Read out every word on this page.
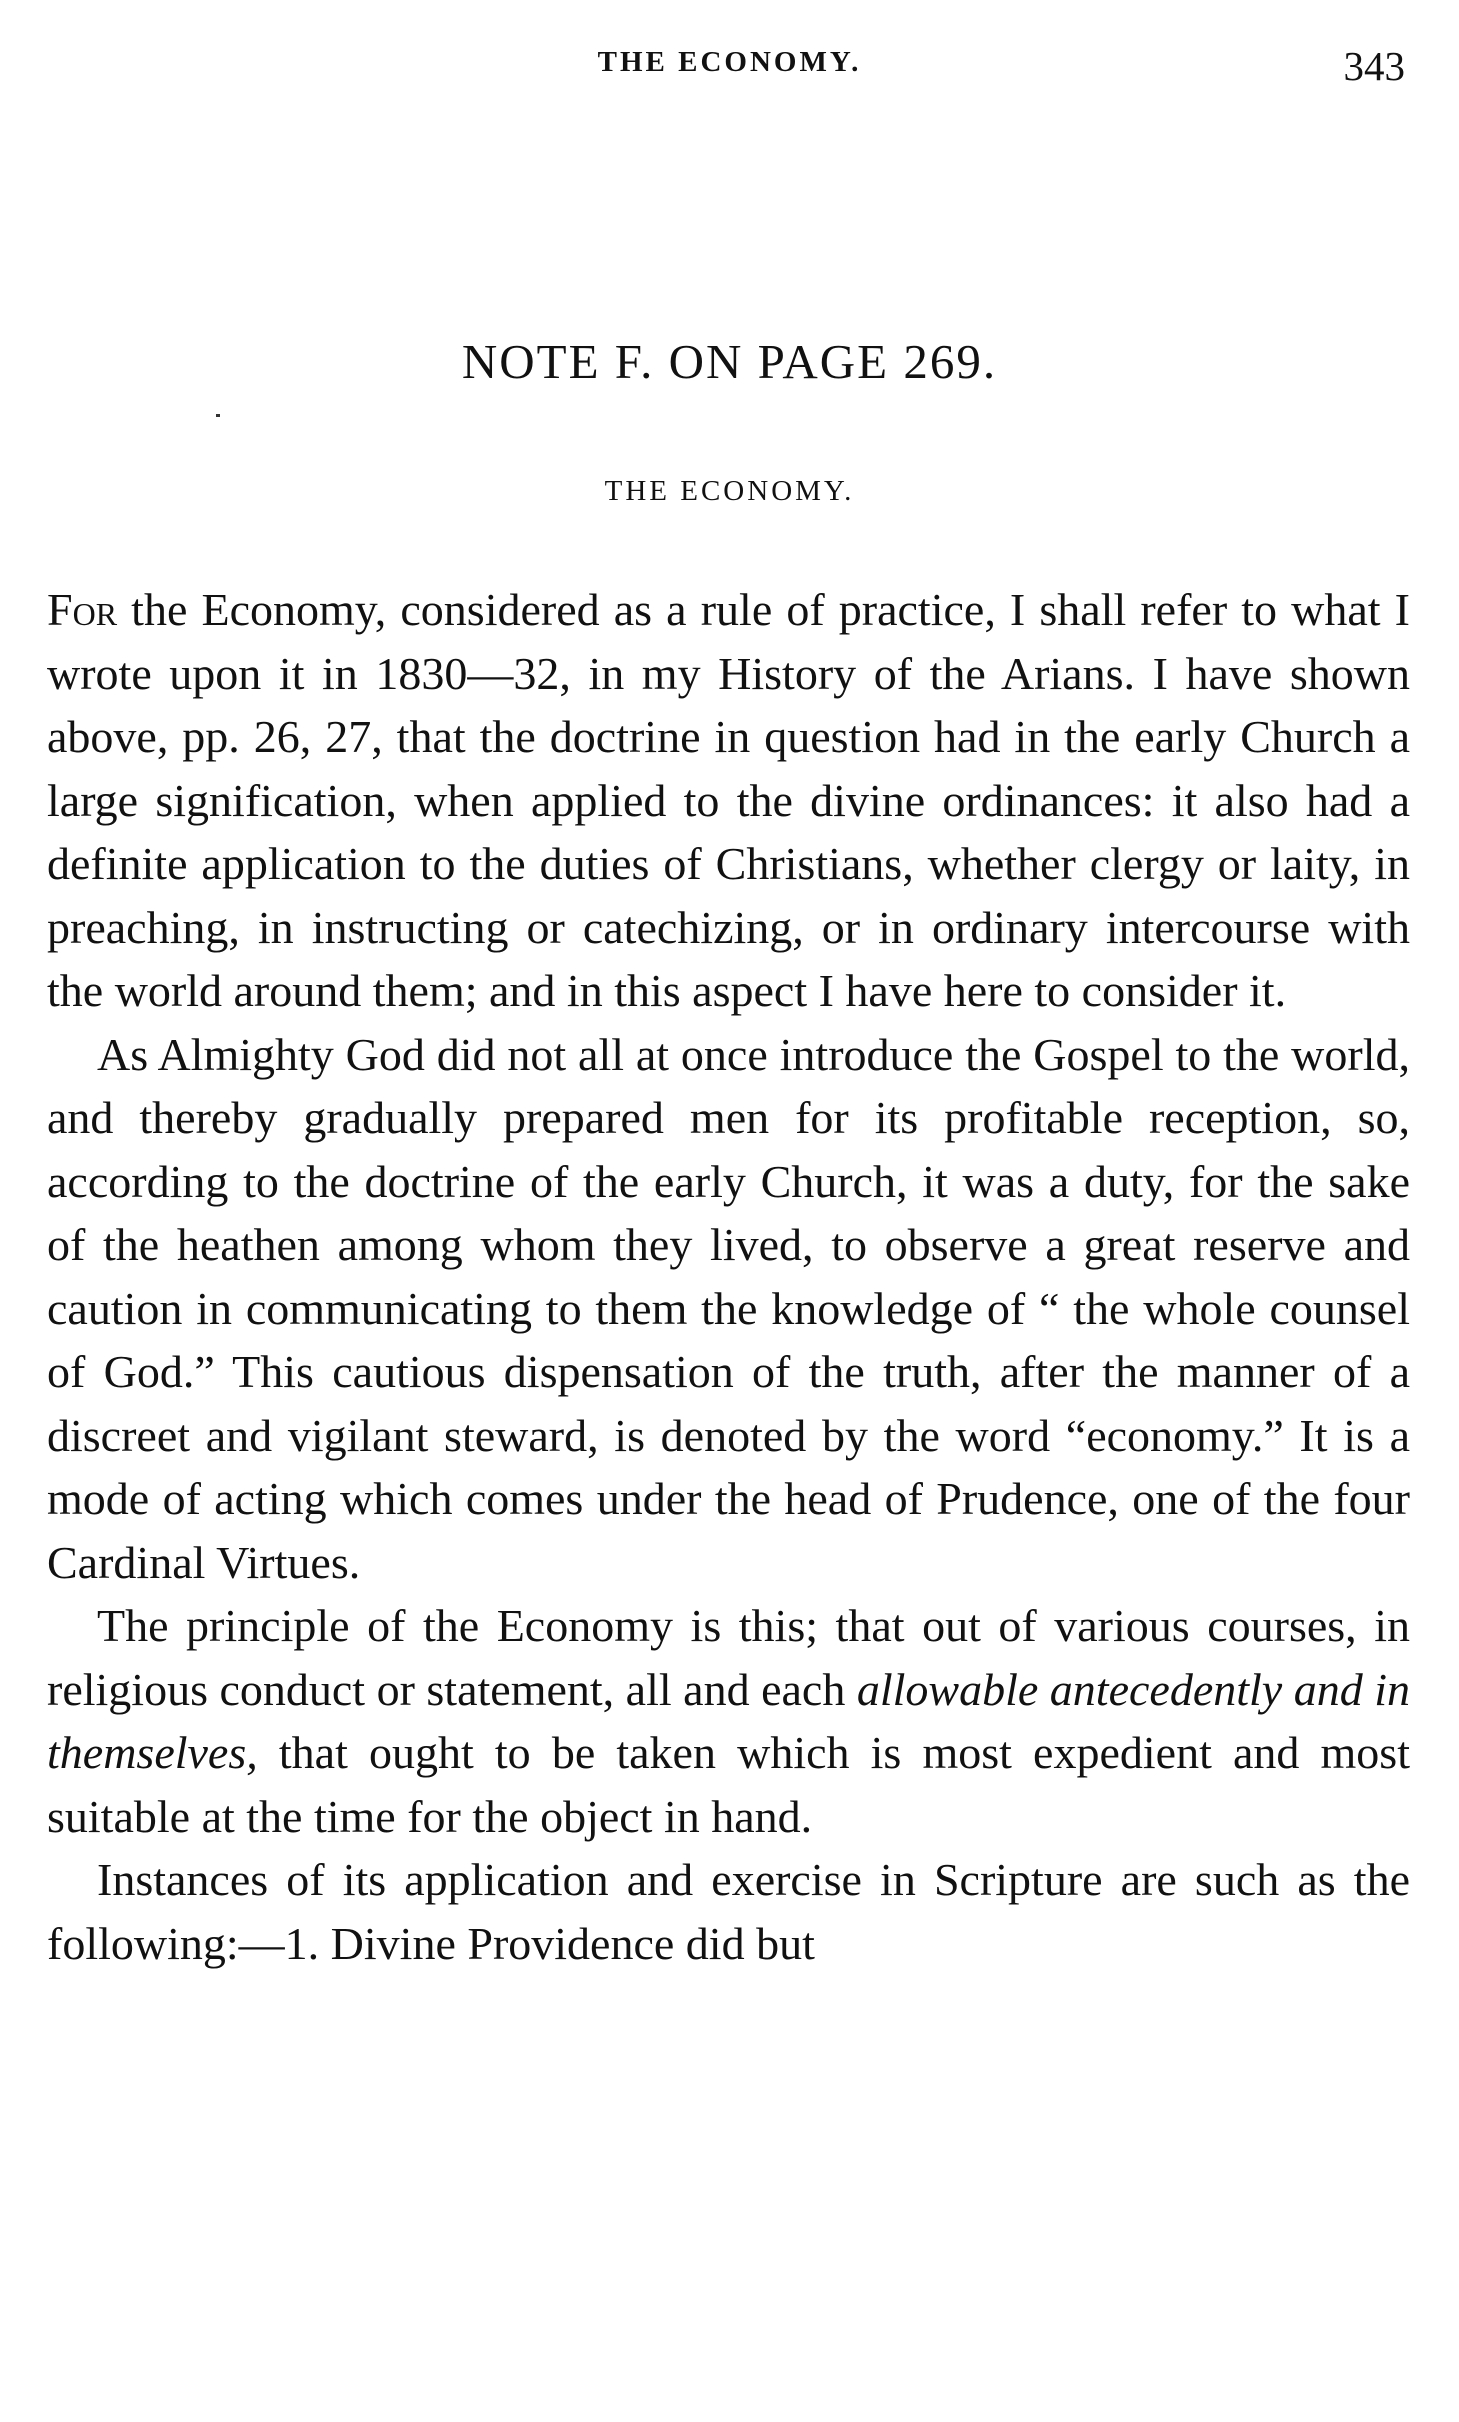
THE ECONOMY.	343
NOTE F. ON PAGE 269.
THE ECONOMY.

For the Economy, considered as a rule of practice, I shall refer to what I wrote upon it in 1830—32, in my History of the Arians. I have shown above, pp. 26, 27, that the doctrine in question had in the early Church a large signification, when applied to the divine ordinances: it also had a definite application to the duties of Christians, whether clergy or laity, in preaching, in instructing or catechizing, or in ordinary intercourse with the world around them; and in this aspect I have here to consider it.

As Almighty God did not all at once introduce the Gospel to the world, and thereby gradually prepared men for its profitable reception, so, according to the doctrine of the early Church, it was a duty, for the sake of the heathen among whom they lived, to observe a great reserve and caution in communicating to them the knowledge of “ the whole counsel of God.” This cautious dispensation of the truth, after the manner of a discreet and vigilant steward, is denoted by the word “economy.” It is a mode of acting which comes under the head of Prudence, one of the four Cardinal Virtues.

The principle of the Economy is this; that out of various courses, in religious conduct or statement, all and each allowable antecedently and in themselves, that ought to be taken which is most expedient and most suitable at the time for the object in hand.

Instances of its application and exercise in Scripture are such as the following:—1. Divine Providence did but
